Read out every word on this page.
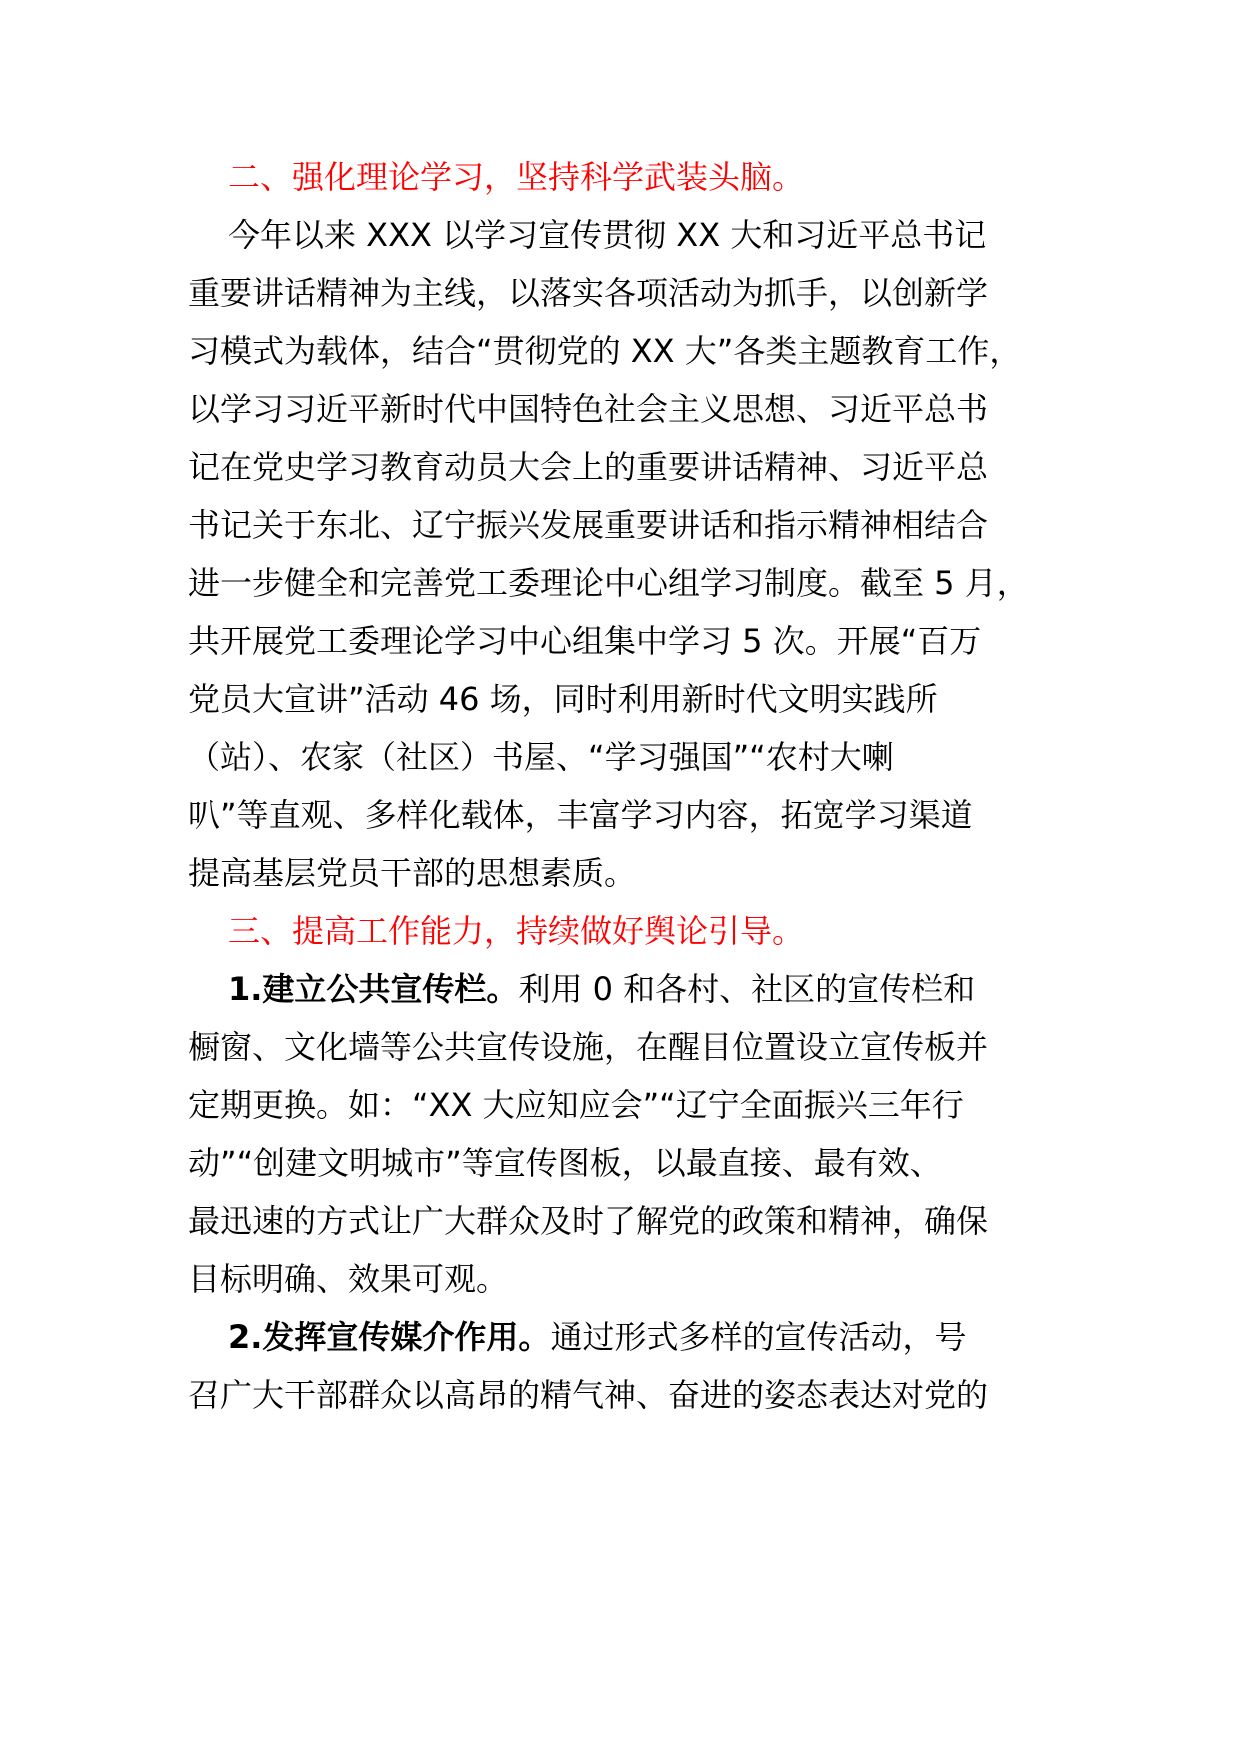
二、强化理论学习，坚持科学武装头脑。
今年以来 XXX 以学习宣传贯彻 XX 大和习近平总书记
重要讲话精神为主线，以落实各项活动为抓手，以创新学
习模式为载体，结合“贯彻党的 XX 大”各类主题教育工作，
以学习习近平新时代中国特色社会主义思想、习近平总书
记在党史学习教育动员大会上的重要讲话精神、习近平总
书记关于东北、辽宁振兴发展重要讲话和指示精神相结合
进一步健全和完善党工委理论中心组学习制度。截至 5 月，
共开展党工委理论学习中心组集中学习 5 次。开展“百万
党员大宣讲”活动 46 场，同时利用新时代文明实践所
（站）、农家（社区）书屋、“学习强国”“农村大喇
叭”等直观、多样化载体，丰富学习内容，拓宽学习渠道
提高基层党员干部的思想素质。
三、提高工作能力，持续做好舆论引导。
1.建立公共宣传栏。利用 0 和各村、社区的宣传栏和
橱窗、文化墙等公共宣传设施，在醒目位置设立宣传板并
定期更换。如：“XX 大应知应会”“辽宁全面振兴三年行
动”“创建文明城市”等宣传图板，以最直接、最有效、
最迅速的方式让广大群众及时了解党的政策和精神，确保
目标明确、效果可观。
2.发挥宣传媒介作用。通过形式多样的宣传活动，号
召广大干部群众以高昂的精气神、奋进的姿态表达对党的
